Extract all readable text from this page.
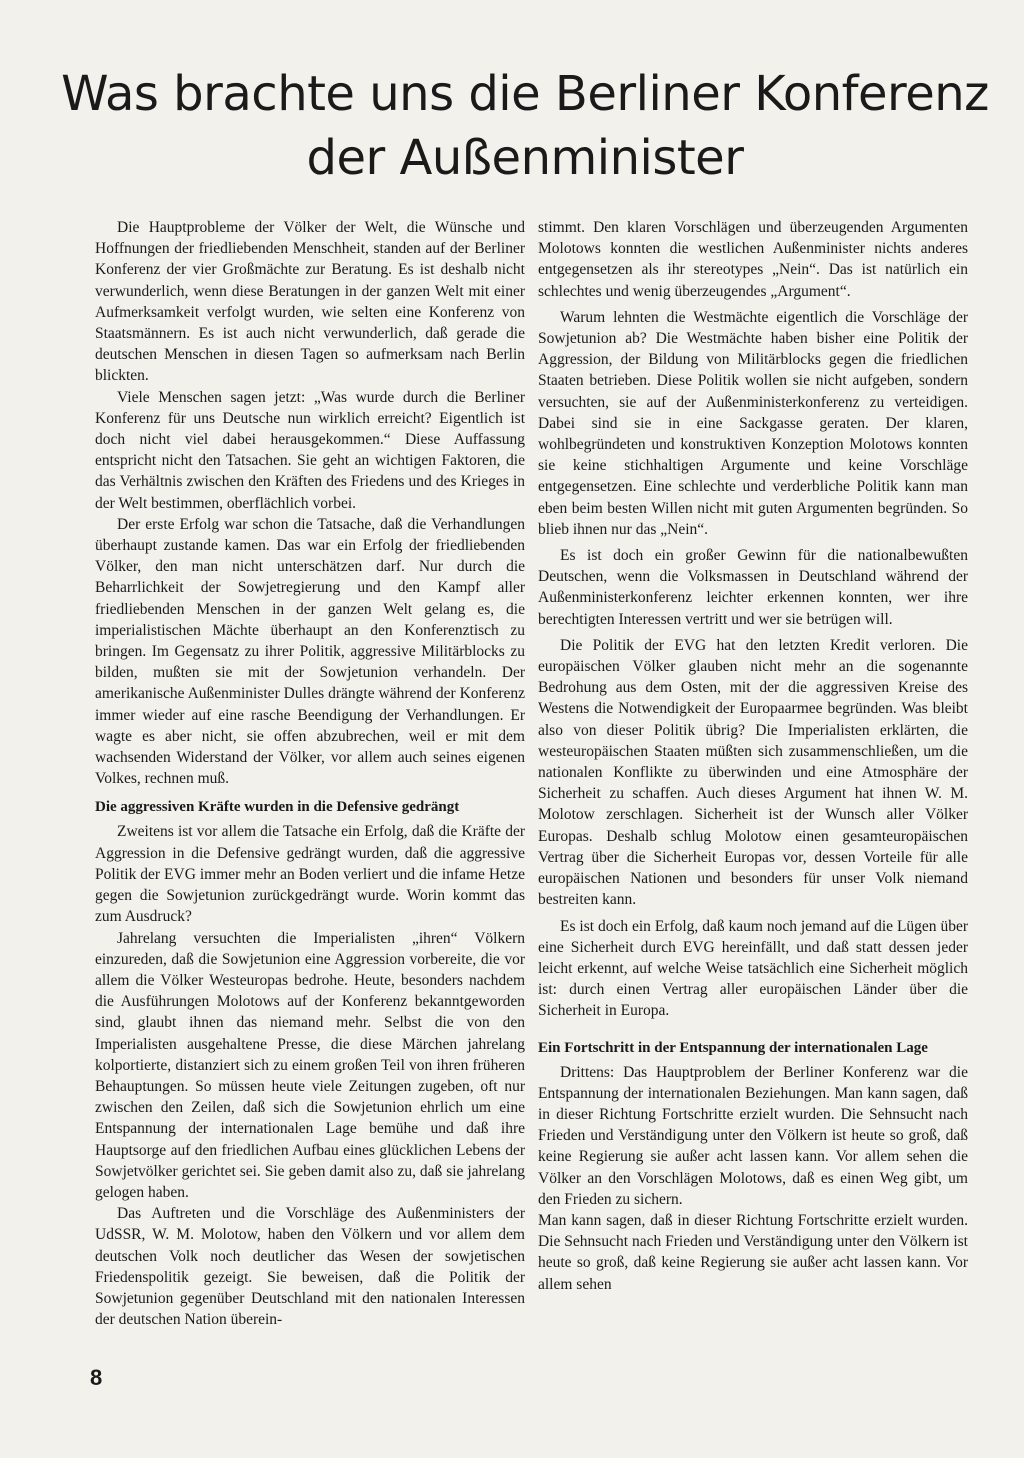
Was brachte uns die Berliner Konferenz
der Außenminister

Die Hauptprobleme der Völker der Welt, die Wünsche und Hoffnungen der friedliebenden Menschheit, standen auf der Berliner Konferenz der vier Großmächte zur Beratung. Es ist deshalb nicht verwunderlich, wenn diese Beratungen in der ganzen Welt mit einer Aufmerksamkeit verfolgt wurden, wie selten eine Konferenz von Staatsmännern. Es ist auch nicht verwunderlich, daß gerade die deutschen Menschen in diesen Tagen so aufmerksam nach Berlin blickten.

Viele Menschen sagen jetzt: „Was wurde durch die Berliner Konferenz für uns Deutsche nun wirklich erreicht? Eigentlich ist doch nicht viel dabei herausgekommen.“ Diese Auffassung entspricht nicht den Tatsachen. Sie geht an wichtigen Faktoren, die das Verhältnis zwischen den Kräften des Friedens und des Krieges in der Welt bestimmen, oberflächlich vorbei.

Der erste Erfolg war schon die Tatsache, daß die Verhandlungen überhaupt zustande kamen. Das war ein Erfolg der friedliebenden Völker, den man nicht unterschätzen darf. Nur durch die Beharrlichkeit der Sowjetregierung und den Kampf aller friedliebenden Menschen in der ganzen Welt gelang es, die imperialistischen Mächte überhaupt an den Konferenztisch zu bringen. Im Gegensatz zu ihrer Politik, aggressive Militärblocks zu bilden, mußten sie mit der Sowjetunion verhandeln. Der amerikanische Außenminister Dulles drängte während der Konferenz immer wieder auf eine rasche Beendigung der Verhandlungen. Er wagte es aber nicht, sie offen abzubrechen, weil er mit dem wachsenden Widerstand der Völker, vor allem auch seines eigenen Volkes, rechnen muß.

Die aggressiven Kräfte wurden in die Defensive gedrängt

Zweitens ist vor allem die Tatsache ein Erfolg, daß die Kräfte der Aggression in die Defensive gedrängt wurden, daß die aggressive Politik der EVG immer mehr an Boden verliert und die infame Hetze gegen die Sowjetunion zurückgedrängt wurde. Worin kommt das zum Ausdruck?

Jahrelang versuchten die Imperialisten „ihren“ Völkern einzureden, daß die Sowjetunion eine Aggression vorbereite, die vor allem die Völker Westeuropas bedrohe. Heute, besonders nachdem die Ausführungen Molotows auf der Konferenz bekanntgeworden sind, glaubt ihnen das niemand mehr. Selbst die von den Imperialisten ausgehaltene Presse, die diese Märchen jahrelang kolportierte, distanziert sich zu einem großen Teil von ihren früheren Behauptungen. So müssen heute viele Zeitungen zugeben, oft nur zwischen den Zeilen, daß sich die Sowjetunion ehrlich um eine Entspannung der internationalen Lage bemühe und daß ihre Hauptsorge auf den friedlichen Aufbau eines glücklichen Lebens der Sowjetvölker gerichtet sei. Sie geben damit also zu, daß sie jahrelang gelogen haben.

Das Auftreten und die Vorschläge des Außenministers der UdSSR, W. M. Molotow, haben den Völkern und vor allem dem deutschen Volk noch deutlicher das Wesen der sowjetischen Friedenspolitik gezeigt. Sie beweisen, daß die Politik der Sowjetunion gegenüber Deutschland mit den nationalen Interessen der deutschen Nation überein-

stimmt. Den klaren Vorschlägen und überzeugenden Argumenten Molotows konnten die westlichen Außenminister nichts anderes entgegensetzen als ihr stereotypes „Nein“. Das ist natürlich ein schlechtes und wenig überzeugendes „Argument“.

Warum lehnten die Westmächte eigentlich die Vorschläge der Sowjetunion ab? Die Westmächte haben bisher eine Politik der Aggression, der Bildung von Militärblocks gegen die friedlichen Staaten betrieben. Diese Politik wollen sie nicht aufgeben, sondern versuchten, sie auf der Außenministerkonferenz zu verteidigen. Dabei sind sie in eine Sackgasse geraten. Der klaren, wohlbegründeten und konstruktiven Konzeption Molotows konnten sie keine stichhaltigen Argumente und keine Vorschläge entgegensetzen. Eine schlechte und verderbliche Politik kann man eben beim besten Willen nicht mit guten Argumenten begründen. So blieb ihnen nur das „Nein“.

Es ist doch ein großer Gewinn für die nationalbewußten Deutschen, wenn die Volksmassen in Deutschland während der Außenministerkonferenz leichter erkennen konnten, wer ihre berechtigten Interessen vertritt und wer sie betrügen will.

Die Politik der EVG hat den letzten Kredit verloren. Die europäischen Völker glauben nicht mehr an die sogenannte Bedrohung aus dem Osten, mit der die aggressiven Kreise des Westens die Notwendigkeit der Europaarmee begründen. Was bleibt also von dieser Politik übrig? Die Imperialisten erklärten, die westeuropäischen Staaten müßten sich zusammenschließen, um die nationalen Konflikte zu überwinden und eine Atmosphäre der Sicherheit zu schaffen. Auch dieses Argument hat ihnen W. M. Molotow zerschlagen. Sicherheit ist der Wunsch aller Völker Europas. Deshalb schlug Molotow einen gesamteuropäischen Vertrag über die Sicherheit Europas vor, dessen Vorteile für alle europäischen Nationen und besonders für unser Volk niemand bestreiten kann.

Es ist doch ein Erfolg, daß kaum noch jemand auf die Lügen über eine Sicherheit durch EVG hereinfällt, und daß statt dessen jeder leicht erkennt, auf welche Weise tatsächlich eine Sicherheit möglich ist: durch einen Vertrag aller europäischen Länder über die Sicherheit in Europa.

Ein Fortschritt in der Entspannung der internationalen Lage

Drittens: Das Hauptproblem der Berliner Konferenz war die Entspannung der internationalen Beziehungen. Man kann sagen, daß in dieser Richtung Fortschritte erzielt wurden. Die Sehnsucht nach Frieden und Verständigung unter den Völkern ist heute so groß, daß keine Regierung sie außer acht lassen kann. Vor allem sehen die Völker an den Vorschlägen Molotows, daß es einen Weg gibt, um den Frieden zu sichern.

Man kann sagen, daß in dieser Richtung Fortschritte erzielt wurden. Die Sehnsucht nach Frieden und Verständigung unter den Völkern ist heute so groß, daß keine Regierung sie außer acht lassen kann. Vor allem sehen

8
